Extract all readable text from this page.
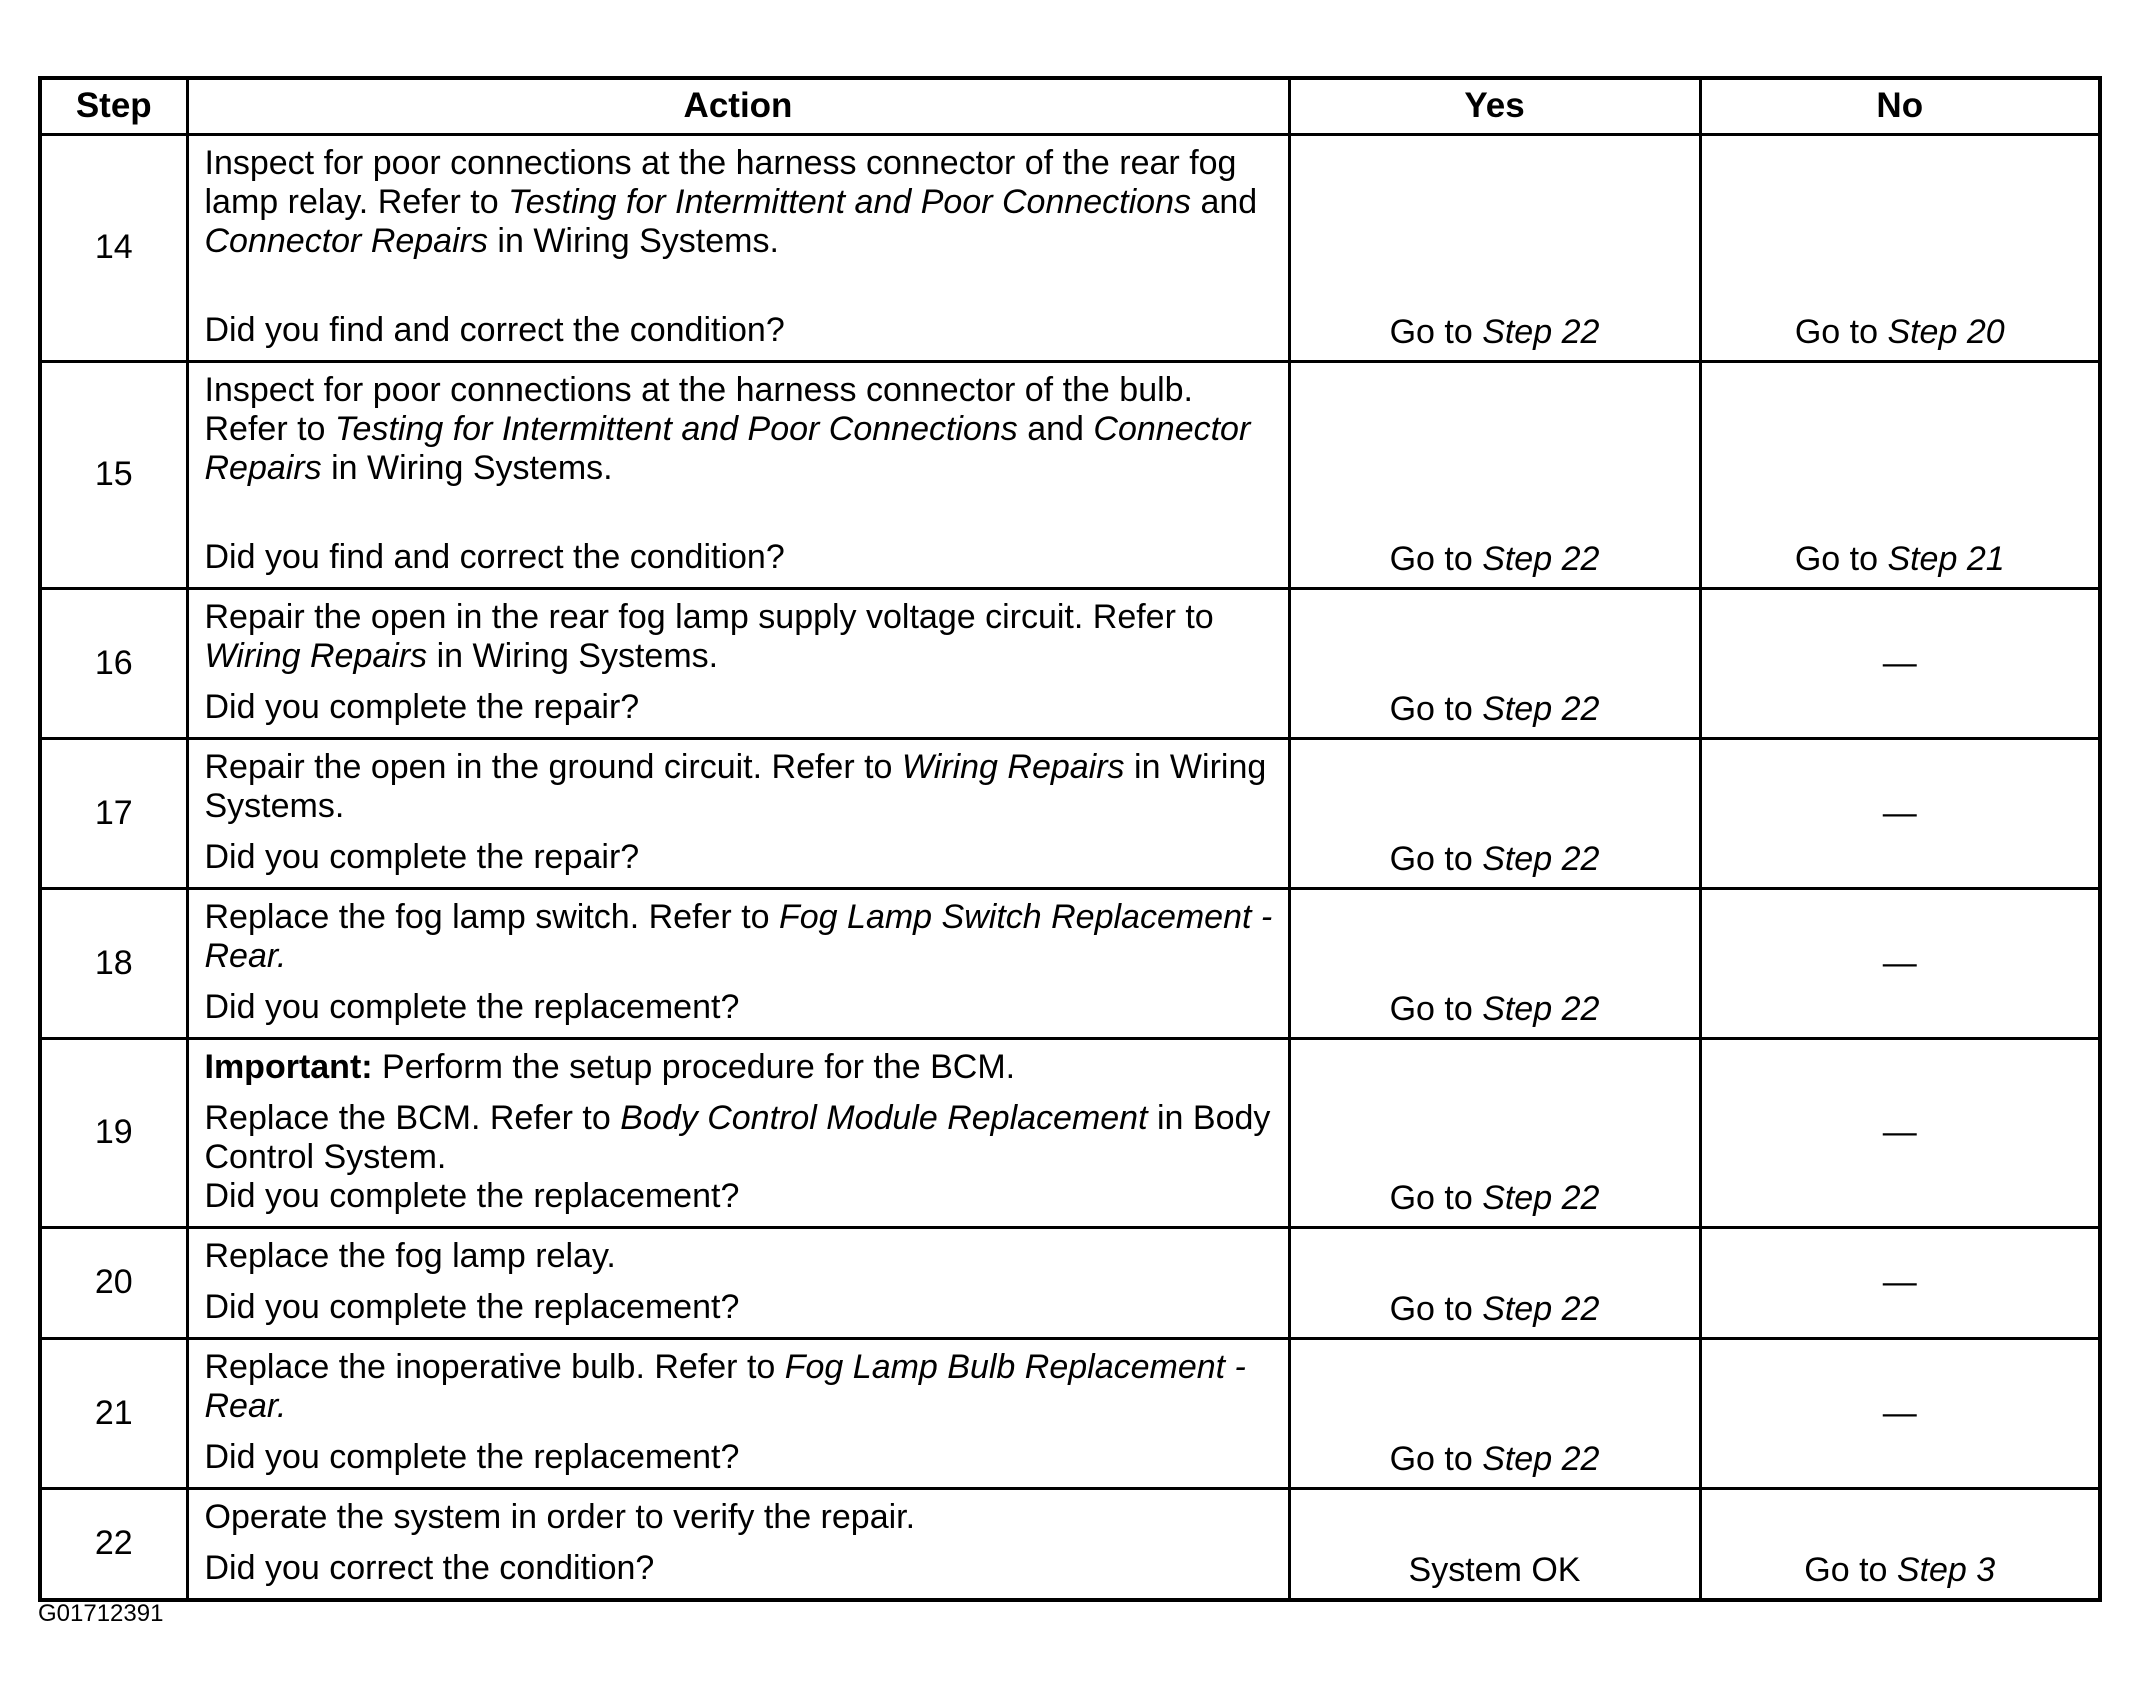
Step	Action	Yes	No
14	Inspect for poor connections at the harness connector of the rear fog lamp relay. Refer to Testing for Intermittent and Poor Connections and Connector Repairs in Wiring Systems.

Did you find and correct the condition?	Go to Step 22	Go to Step 20
15	Inspect for poor connections at the harness connector of the bulb. Refer to Testing for Intermittent and Poor Connections and Connector Repairs in Wiring Systems.

Did you find and correct the condition?	Go to Step 22	Go to Step 21
16	Repair the open in the rear fog lamp supply voltage circuit. Refer to Wiring Repairs in Wiring Systems.

Did you complete the repair?	Go to Step 22	—
17	Repair the open in the ground circuit. Refer to Wiring Repairs in Wiring Systems.

Did you complete the repair?	Go to Step 22	—
18	Replace the fog lamp switch. Refer to Fog Lamp Switch Replacement - Rear.

Did you complete the replacement?	Go to Step 22	—
19	Important: Perform the setup procedure for the BCM.

Replace the BCM. Refer to Body Control Module Replacement in Body Control System.

Did you complete the replacement?	Go to Step 22	—
20	Replace the fog lamp relay.

Did you complete the replacement?	Go to Step 22	—
21	Replace the inoperative bulb. Refer to Fog Lamp Bulb Replacement - Rear.

Did you complete the replacement?	Go to Step 22	—
22	Operate the system in order to verify the repair.

Did you correct the condition?	System OK	Go to Step 3
G01712391
